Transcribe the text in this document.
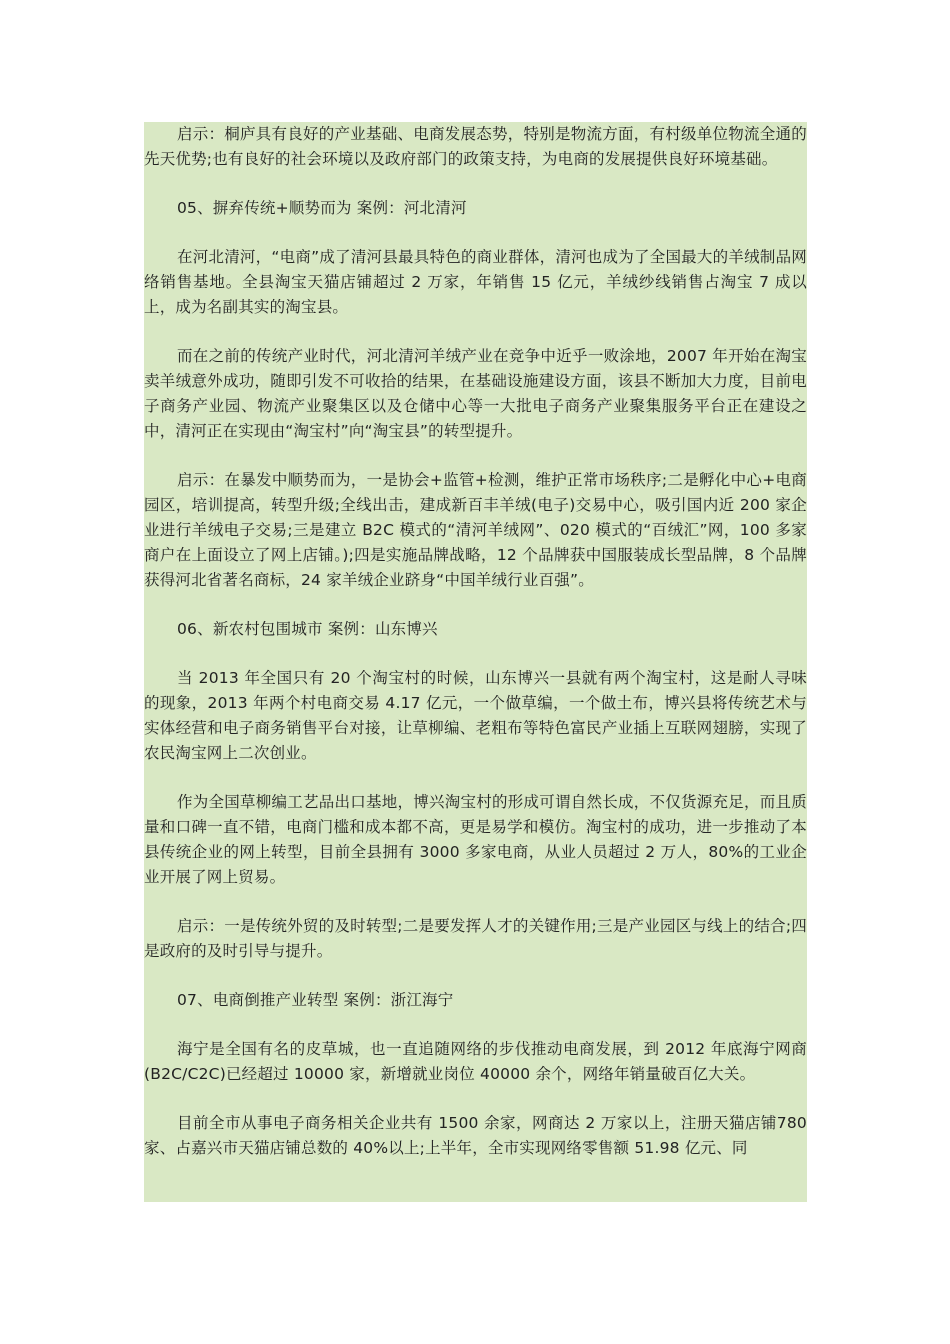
启示：桐庐具有良好的产业基础、电商发展态势，特别是物流方面，有村级单位物流全通的先天优势;也有良好的社会环境以及政府部门的政策支持，为电商的发展提供良好环境基础。

05、摒弃传统+顺势而为 案例：河北清河

在河北清河，“电商”成了清河县最具特色的商业群体，清河也成为了全国最大的羊绒制品网络销售基地。全县淘宝天猫店铺超过 2 万家，年销售 15 亿元，羊绒纱线销售占淘宝 7 成以上，成为名副其实的淘宝县。

而在之前的传统产业时代，河北清河羊绒产业在竞争中近乎一败涂地，2007 年开始在淘宝卖羊绒意外成功，随即引发不可收拾的结果，在基础设施建设方面，该县不断加大力度，目前电子商务产业园、物流产业聚集区以及仓储中心等一大批电子商务产业聚集服务平台正在建设之中，清河正在实现由“淘宝村”向“淘宝县”的转型提升。

启示：在暴发中顺势而为，一是协会+监管+检测，维护正常市场秩序;二是孵化中心+电商园区，培训提高，转型升级;全线出击，建成新百丰羊绒(电子)交易中心，吸引国内近 200 家企业进行羊绒电子交易;三是建立 B2C 模式的“清河羊绒网”、020 模式的“百绒汇”网，100 多家商户在上面设立了网上店铺。);四是实施品牌战略，12 个品牌获中国服装成长型品牌，8 个品牌获得河北省著名商标，24 家羊绒企业跻身“中国羊绒行业百强”。

06、新农村包围城市 案例：山东博兴

当 2013 年全国只有 20 个淘宝村的时候，山东博兴一县就有两个淘宝村，这是耐人寻味的现象，2013 年两个村电商交易 4.17 亿元，一个做草编，一个做土布，博兴县将传统艺术与实体经营和电子商务销售平台对接，让草柳编、老粗布等特色富民产业插上互联网翅膀，实现了农民淘宝网上二次创业。

作为全国草柳编工艺品出口基地，博兴淘宝村的形成可谓自然长成，不仅货源充足，而且质量和口碑一直不错，电商门槛和成本都不高，更是易学和模仿。淘宝村的成功，进一步推动了本县传统企业的网上转型，目前全县拥有 3000 多家电商，从业人员超过 2 万人，80%的工业企业开展了网上贸易。

启示：一是传统外贸的及时转型;二是要发挥人才的关键作用;三是产业园区与线上的结合;四是政府的及时引导与提升。

07、电商倒推产业转型 案例：浙江海宁

海宁是全国有名的皮草城，也一直追随网络的步伐推动电商发展，到 2012 年底海宁网商(B2C/C2C)已经超过 10000 家，新增就业岗位 40000 余个，网络年销量破百亿大关。

目前全市从事电子商务相关企业共有 1500 余家，网商达 2 万家以上，注册天猫店铺780 家、占嘉兴市天猫店铺总数的 40%以上;上半年，全市实现网络零售额 51.98 亿元、同
